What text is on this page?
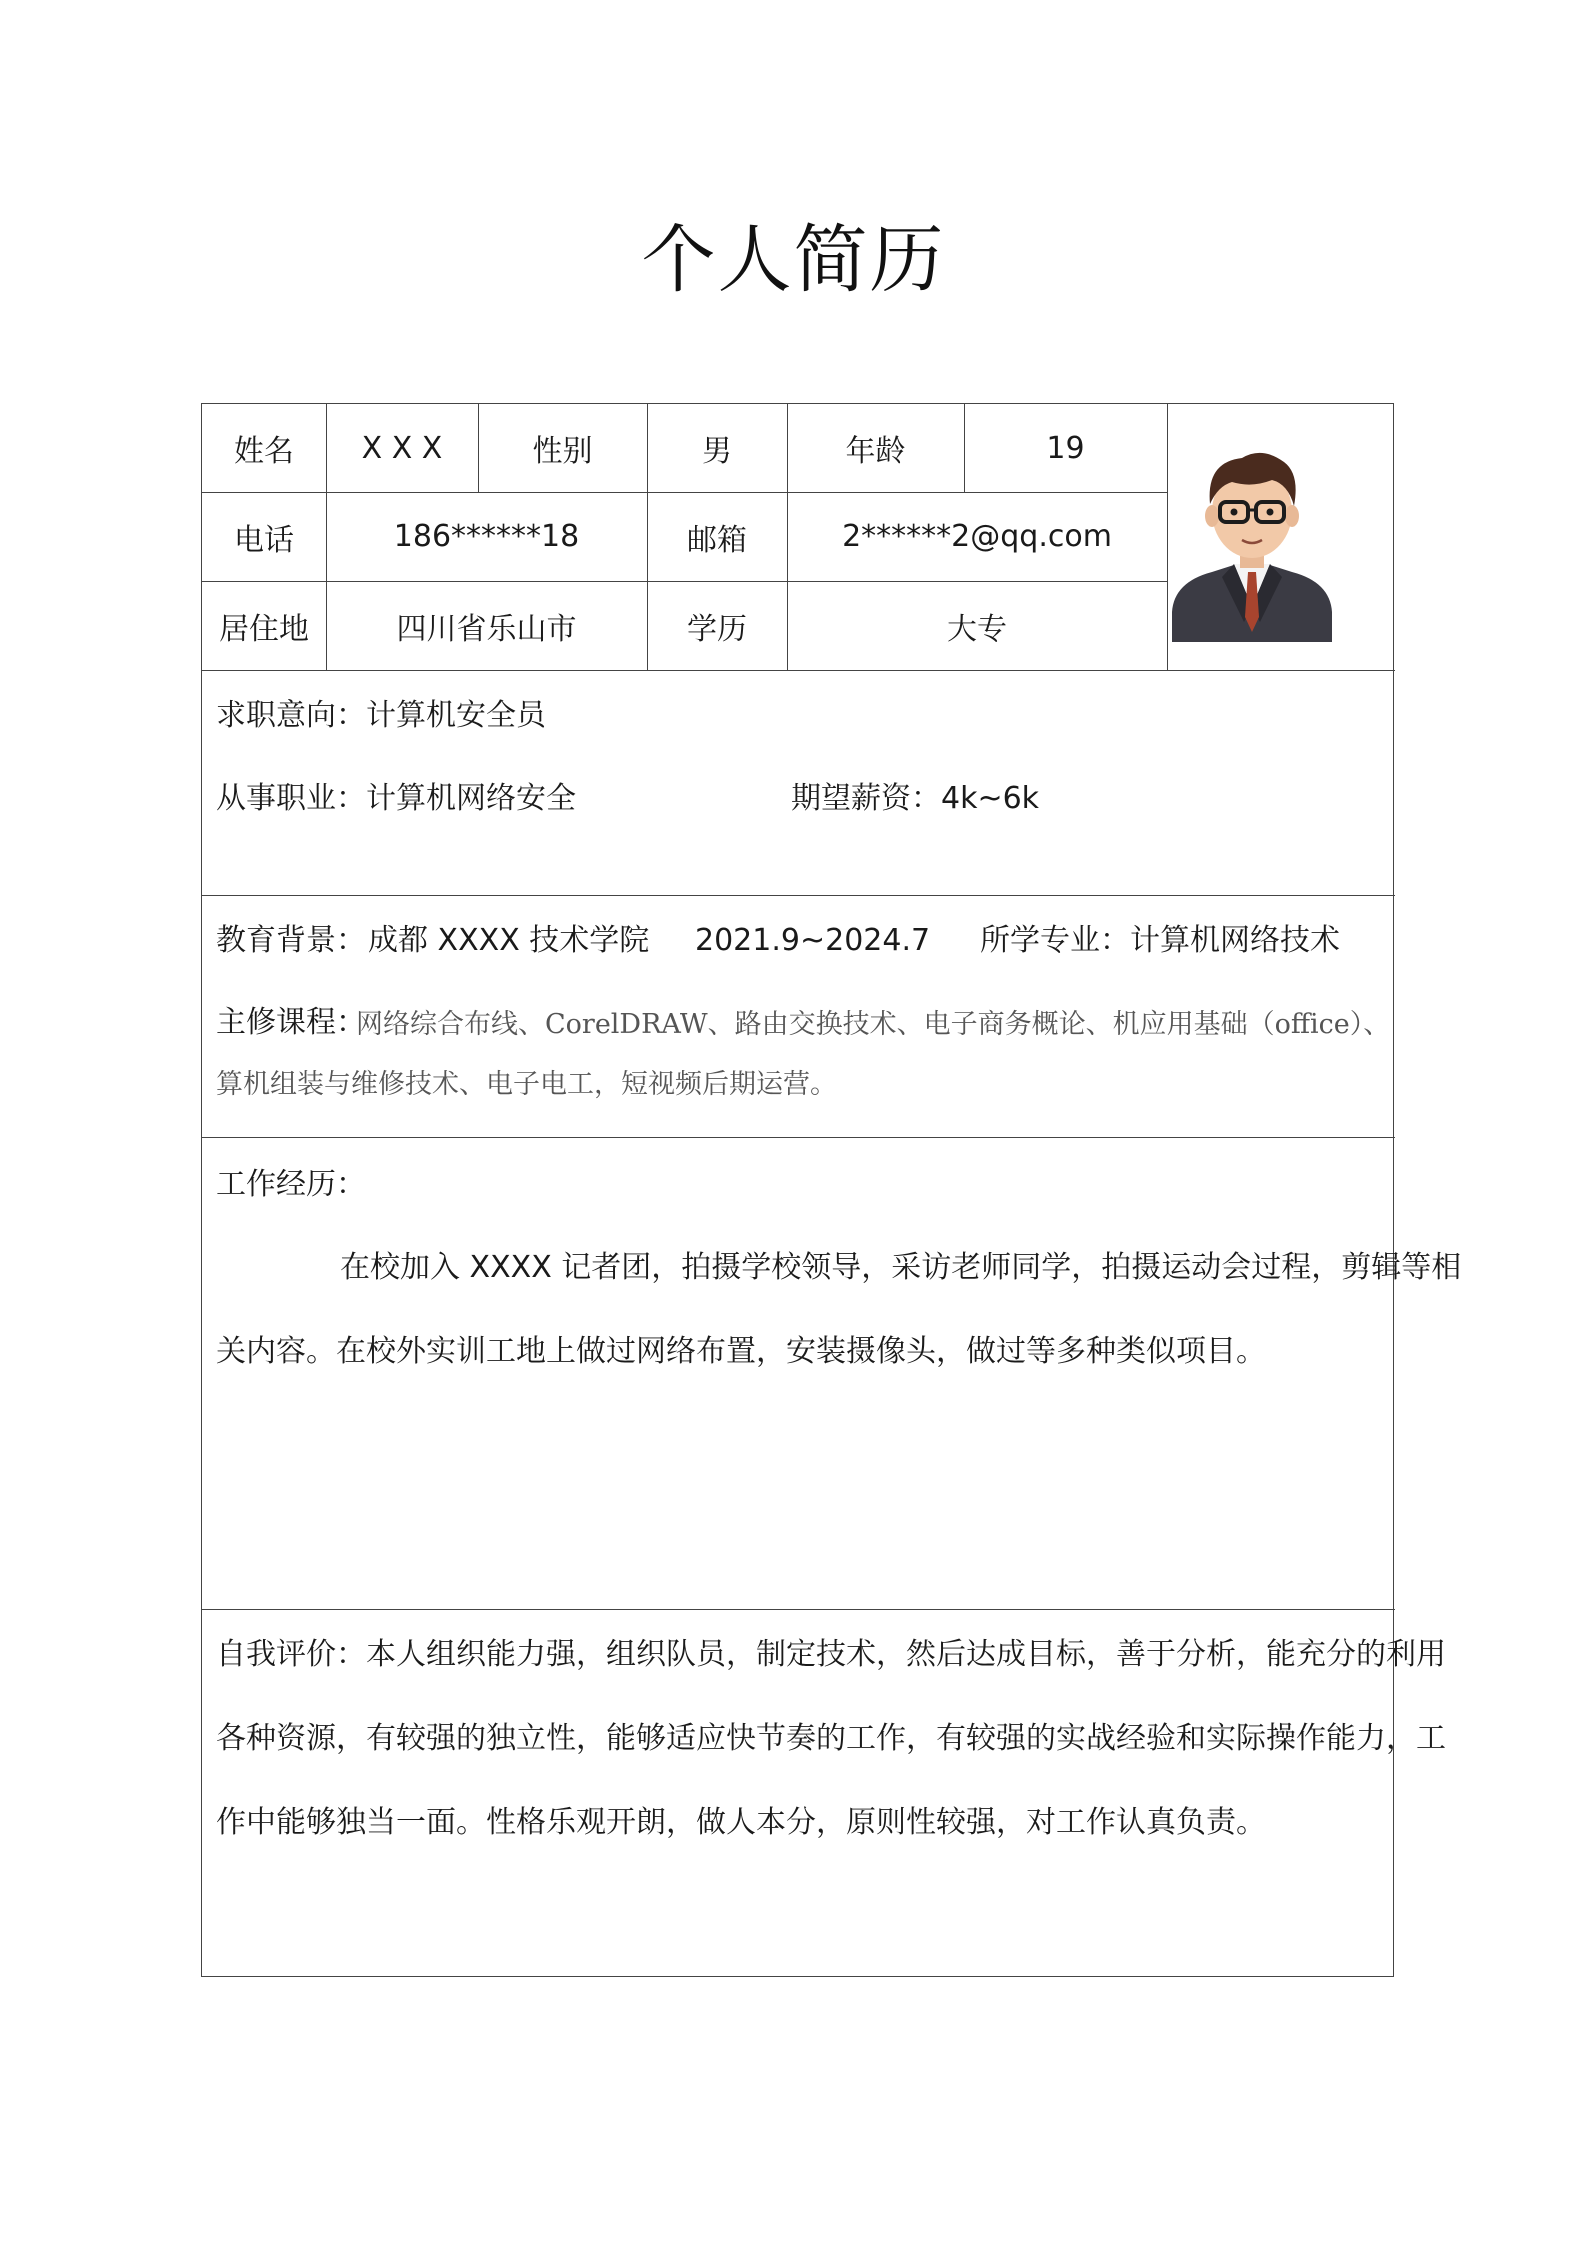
个人简历
姓名	X X X	性别	男	年龄	19
电话	186******18	邮箱	2******2@qq.com
居住地	四川省乐山市	学历	大专
求职意向：计算机安全员
从事职业：计算机网络安全	期望薪资：4k~6k
教育背景： 成都 XXXX 技术学院 2021.9~2024.7 所学专业：计算机网络技术
主修课程：
网络综合布线、CorelDRAW、路由交换技术、电子商务概论、机应用基础（office）、
算机组装与维修技术、电子电工，短视频后期运营。
工作经历：
在校加入 XXXX 记者团，拍摄学校领导，采访老师同学，拍摄运动会过程，剪辑等相
关内容。在校外实训工地上做过网络布置，安装摄像头，做过等多种类似项目。
自我评价：本人组织能力强，组织队员，制定技术，然后达成目标，善于分析，能充分的利用
各种资源，有较强的独立性，能够适应快节奏的工作，有较强的实战经验和实际操作能力，工
作中能够独当一面。性格乐观开朗，做人本分，原则性较强，对工作认真负责。
